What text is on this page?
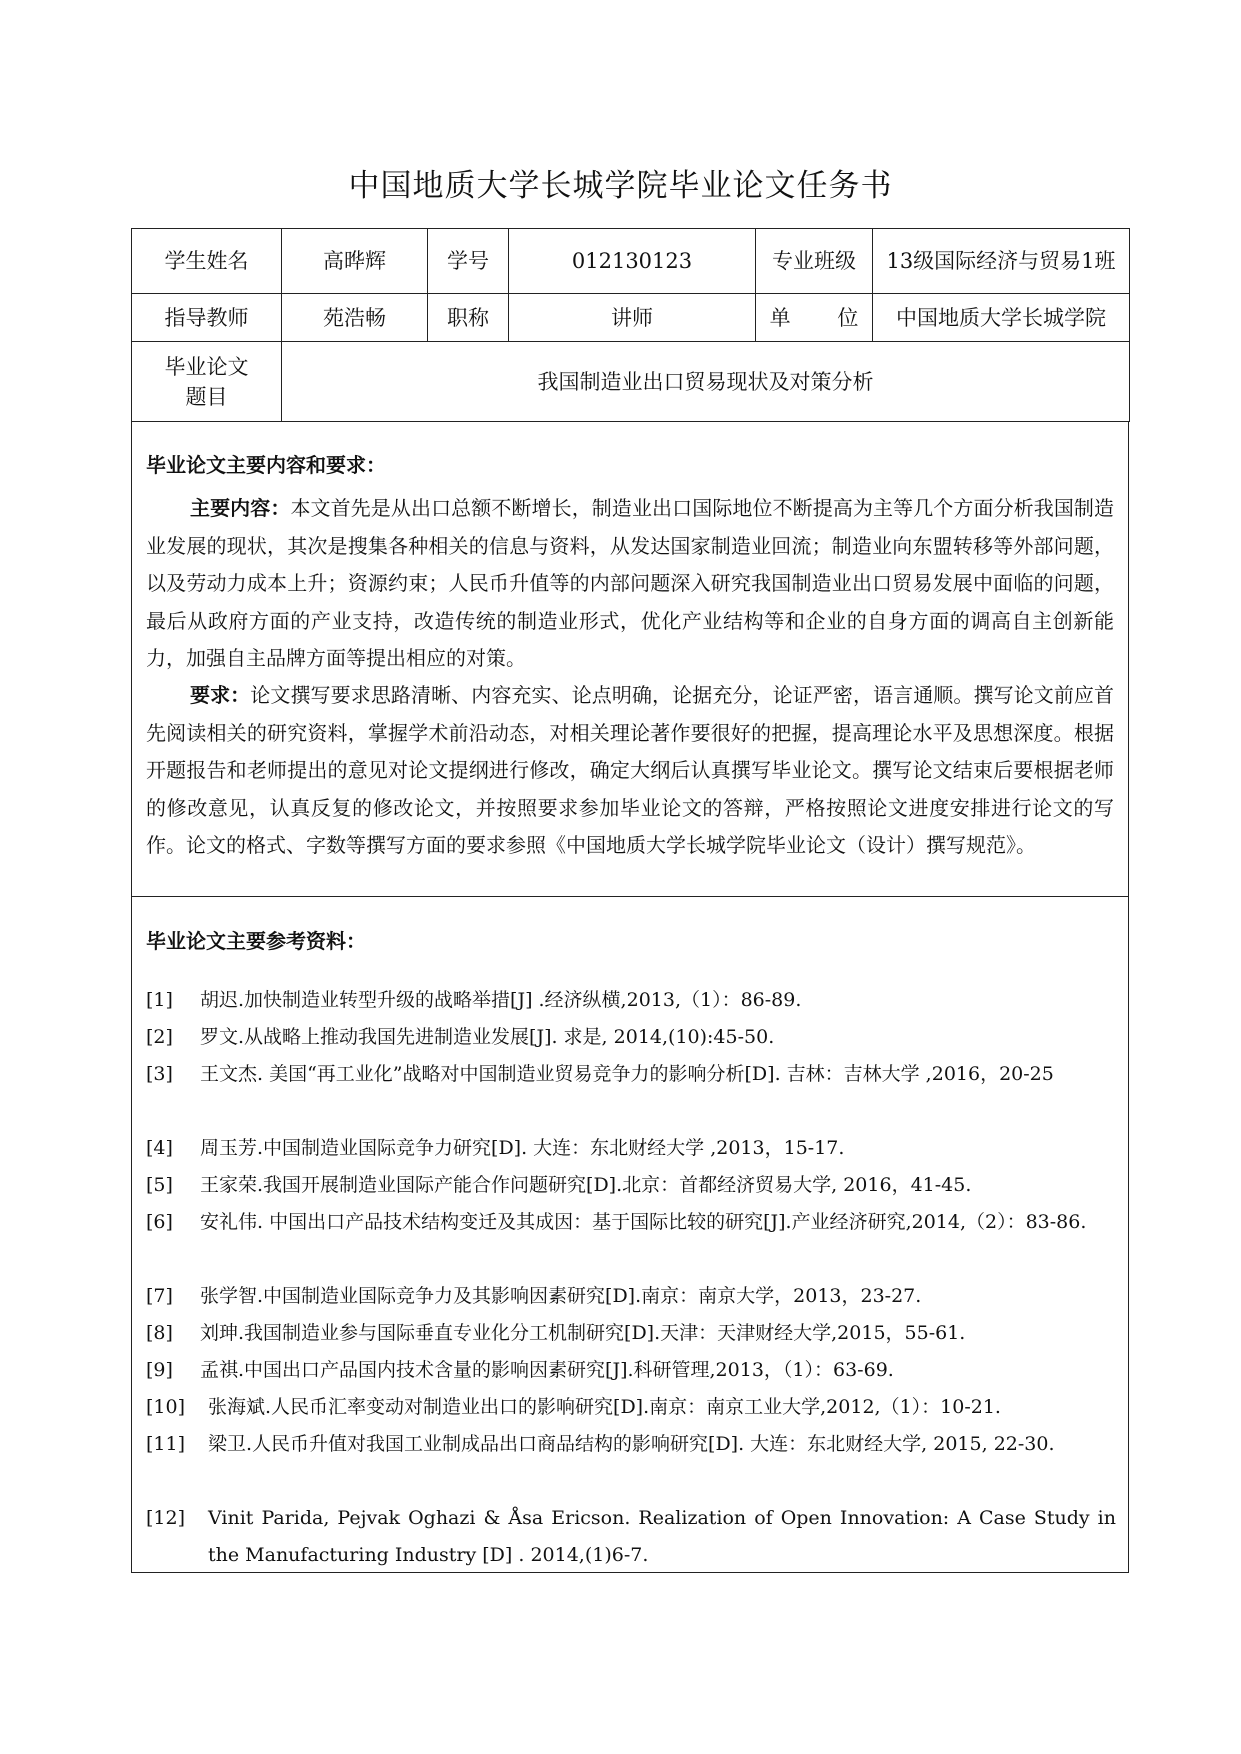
中国地质大学长城学院毕业论文任务书
学生姓名	高晔辉	学号	012130123	专业班级	13级国际经济与贸易1班
指导教师	苑浩畅	职称	讲师	单 位	中国地质大学长城学院
毕业论文题目	我国制造业出口贸易现状及对策分析				
毕业论文主要内容和要求：
主要内容：本文首先是从出口总额不断增长，制造业出口国际地位不断提高为主等几个方面分析我国制造业发展的现状，其次是搜集各种相关的信息与资料，从发达国家制造业回流；制造业向东盟转移等外部问题，以及劳动力成本上升；资源约束；人民币升值等的内部问题深入研究我国制造业出口贸易发展中面临的问题，最后从政府方面的产业支持，改造传统的制造业形式，优化产业结构等和企业的自身方面的调高自主创新能力，加强自主品牌方面等提出相应的对策。
要求：论文撰写要求思路清晰、内容充实、论点明确，论据充分，论证严密，语言通顺。撰写论文前应首先阅读相关的研究资料，掌握学术前沿动态，对相关理论著作要很好的把握，提高理论水平及思想深度。根据开题报告和老师提出的意见对论文提纲进行修改，确定大纲后认真撰写毕业论文。撰写论文结束后要根据老师的修改意见，认真反复的修改论文，并按照要求参加毕业论文的答辩，严格按照论文进度安排进行论文的写作。论文的格式、字数等撰写方面的要求参照《中国地质大学长城学院毕业论文（设计）撰写规范》。
毕业论文主要参考资料：
[1]	胡迟.加快制造业转型升级的战略举措[J] .经济纵横,2013,（1）：86-89.
[2]	罗文.从战略上推动我国先进制造业发展[J]. 求是, 2014,(10):45-50.
[3]	王文杰. 美国“再工业化”战略对中国制造业贸易竞争力的影响分析[D]. 吉林：吉林大学 ,2016，20-25
[4]	周玉芳.中国制造业国际竞争力研究[D]. 大连：东北财经大学 ,2013，15-17.
[5]	王家荣.我国开展制造业国际产能合作问题研究[D].北京：首都经济贸易大学, 2016，41-45.
[6]	安礼伟. 中国出口产品技术结构变迁及其成因：基于国际比较的研究[J].产业经济研究,2014,（2）：83-86.
[7]	张学智.中国制造业国际竞争力及其影响因素研究[D].南京：南京大学，2013，23-27.
[8]	刘珅.我国制造业参与国际垂直专业化分工机制研究[D].天津：天津财经大学,2015，55-61.
[9]	孟祺.中国出口产品国内技术含量的影响因素研究[J].科研管理,2013，（1）：63-69.
[10]	张海斌.人民币汇率变动对制造业出口的影响研究[D].南京：南京工业大学,2012,（1）：10-21.
[11]	梁卫.人民币升值对我国工业制成品出口商品结构的影响研究[D]. 大连：东北财经大学, 2015, 22-30.
[12]	Vinit Parida, Pejvak Oghazi & Åsa Ericson. Realization of Open Innovation: A Case Study in the Manufacturing Industry [D] . 2014,(1)6-7.
